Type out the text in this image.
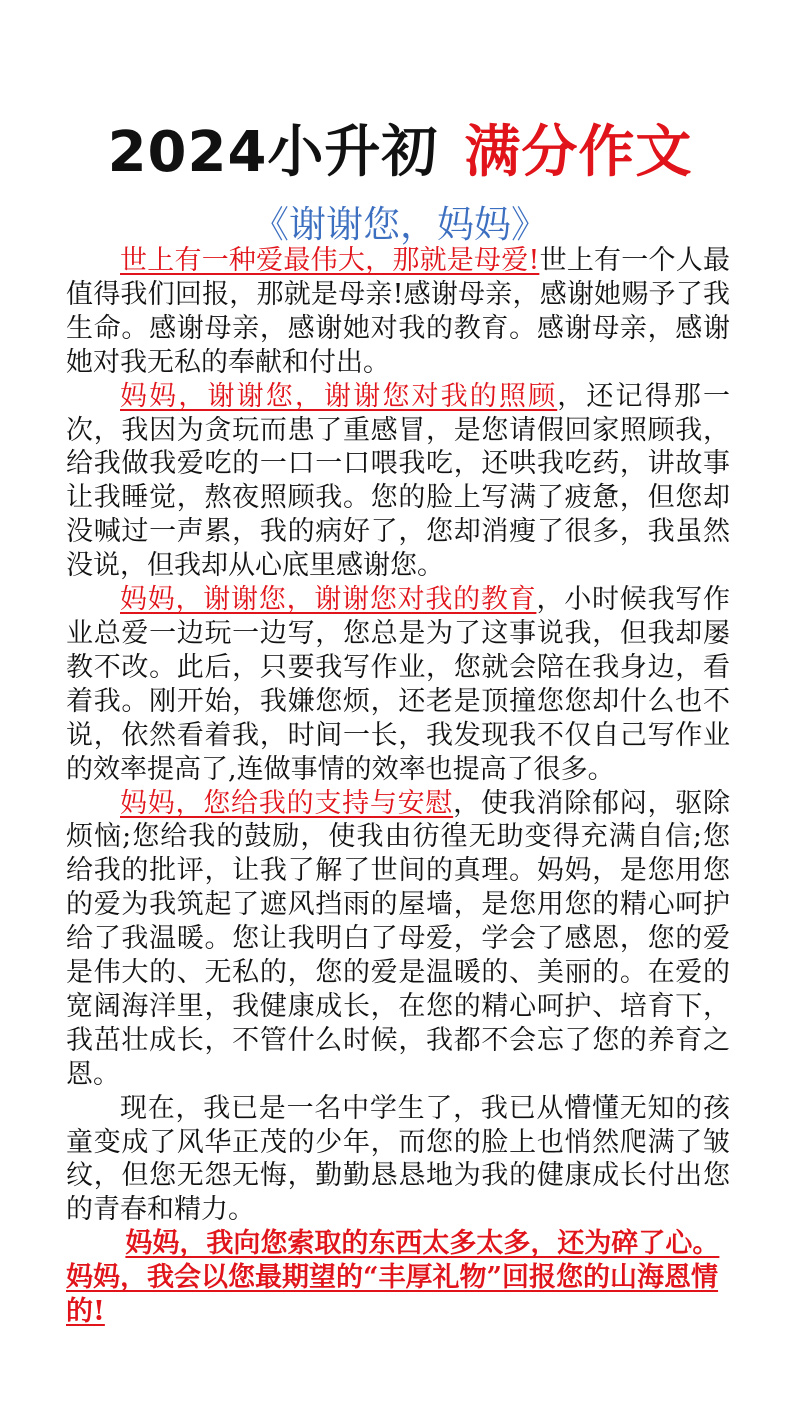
2024小升初 满分作文
《谢谢您，妈妈》

世上有一种爱最伟大，那就是母爱!世上有一个人最值得我们回报，那就是母亲!感谢母亲，感谢她赐予了我生命。感谢母亲，感谢她对我的教育。感谢母亲，感谢她对我无私的奉献和付出。

妈妈，谢谢您，谢谢您对我的照顾，还记得那一次，我因为贪玩而患了重感冒，是您请假回家照顾我，给我做我爱吃的一口一口喂我吃，还哄我吃药，讲故事让我睡觉，熬夜照顾我。您的脸上写满了疲惫，但您却没喊过一声累，我的病好了，您却消瘦了很多，我虽然没说，但我却从心底里感谢您。

妈妈，谢谢您，谢谢您对我的教育，小时候我写作业总爱一边玩一边写，您总是为了这事说我，但我却屡教不改。此后，只要我写作业，您就会陪在我身边，看着我。刚开始，我嫌您烦，还老是顶撞您您却什么也不说，依然看着我，时间一长，我发现我不仅自己写作业的效率提高了,连做事情的效率也提高了很多。

妈妈，您给我的支持与安慰，使我消除郁闷，驱除烦恼;您给我的鼓励，使我由彷徨无助变得充满自信;您给我的批评，让我了解了世间的真理。妈妈，是您用您的爱为我筑起了遮风挡雨的屋墙，是您用您的精心呵护给了我温暖。您让我明白了母爱，学会了感恩，您的爱是伟大的、无私的，您的爱是温暖的、美丽的。在爱的宽阔海洋里，我健康成长，在您的精心呵护、培育下，我茁壮成长，不管什么时候，我都不会忘了您的养育之恩。

现在，我已是一名中学生了，我已从懵懂无知的孩童变成了风华正茂的少年，而您的脸上也悄然爬满了皱纹，但您无怨无悔，勤勤恳恳地为我的健康成长付出您的青春和精力。

妈妈，我向您索取的东西太多太多，还为碎了心。妈妈，我会以您最期望的“丰厚礼物”回报您的山海恩情的!
